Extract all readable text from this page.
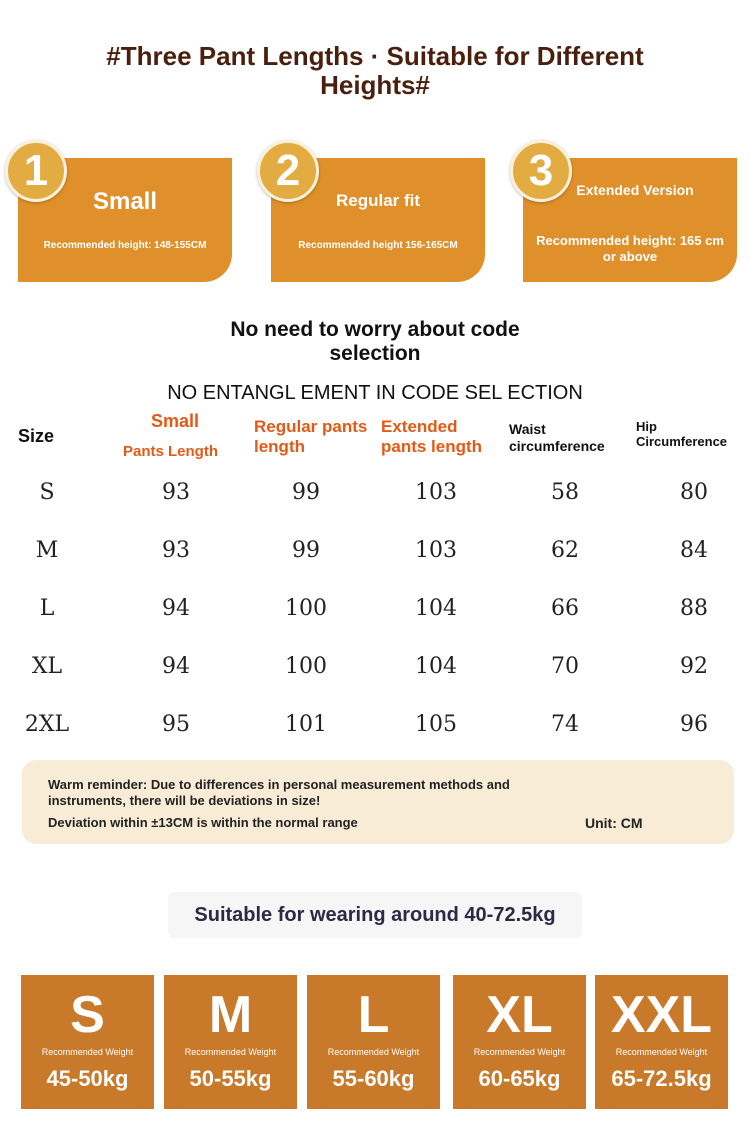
#Three Pant Lengths · Suitable for Different Heights#
Small
Recommended height: 148-155CM
1
Regular fit
Recommended height 156-165CM
2	Extended Version
Recommended height: 165 cm or above
3
No need to worry about code selection
NO ENTANGL EMENT IN CODE SEL ECTION
Size
Small
Pants Length
Regular pants length
Extended pants length
Waist circumference
Hip Circumference
S	93	99	103	58	80
M	93	99	103	62	84
L	94	100	104	66	88
XL	94	100	104	70	92
2XL	95	101	105	74	96
Warm reminder: Due to differences in personal measurement methods and instruments, there will be deviations in size!
Deviation within ±13CM is within the normal range	Unit: CM
Suitable for wearing around 40-72.5kg
S
Recommended Weight
45-50kg
M
Recommended Weight
50-55kg
L
Recommended Weight
55-60kg
XL
Recommended Weight
60-65kg
XXL
Recommended Weight
65-72.5kg
